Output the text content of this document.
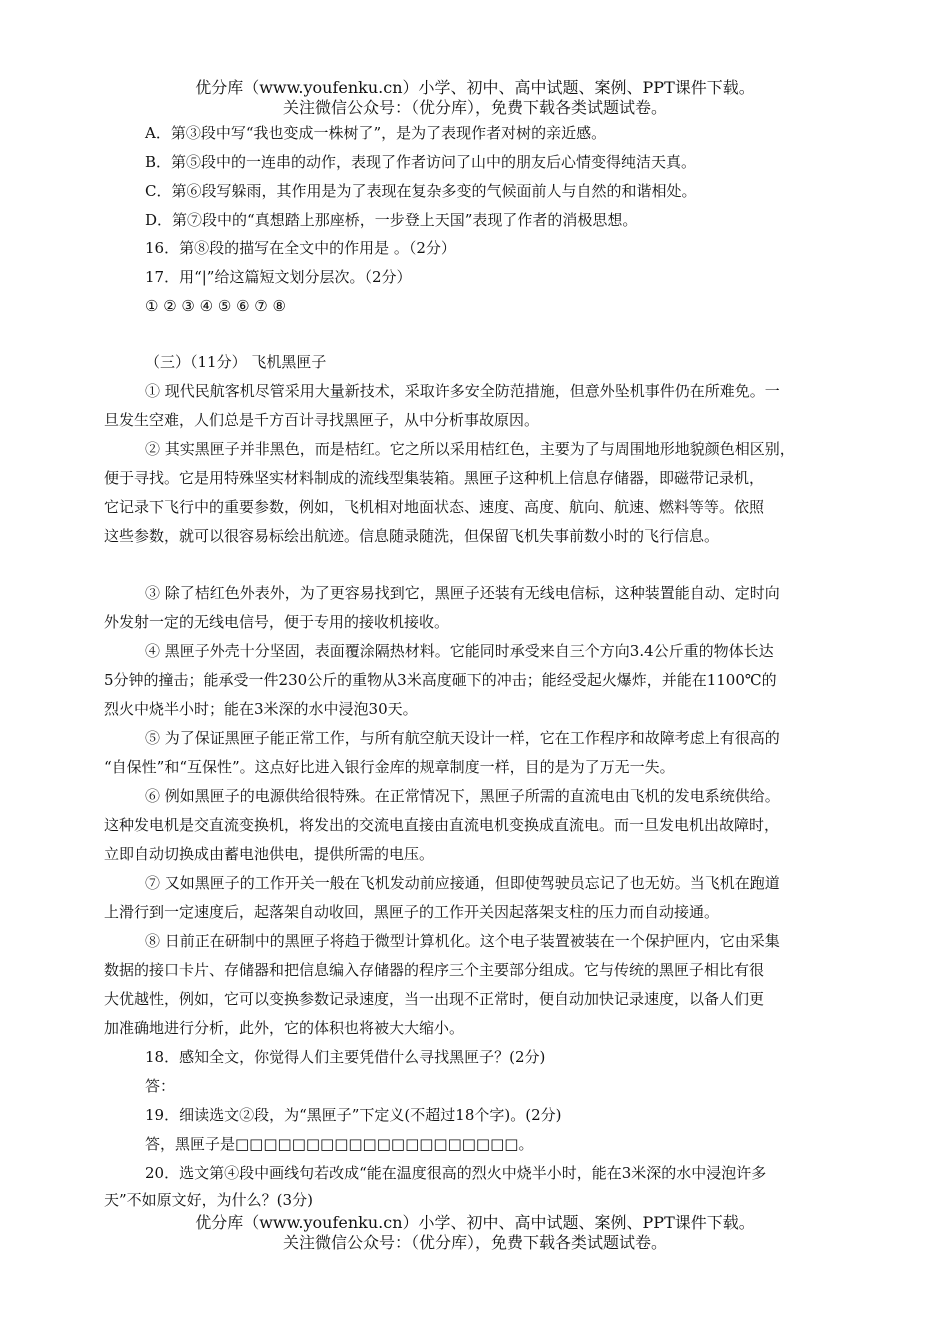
优分库（www.youfenku.cn）小学、初中、高中试题、案例、PPT课件下载。
关注微信公众号：（优分库），免费下载各类试题试卷。
A．第③段中写“我也变成一株树了”，是为了表现作者对树的亲近感。
B．第⑤段中的一连串的动作，表现了作者访问了山中的朋友后心情变得纯洁天真。
C．第⑥段写躲雨，其作用是为了表现在复杂多变的气候面前人与自然的和谐相处。
D．第⑦段中的“真想踏上那座桥，一步登上天国”表现了作者的消极思想。
16．第⑧段的描写在全文中的作用是 。（2分）
17．用“|”给这篇短文划分层次。（2分）
① ② ③ ④ ⑤ ⑥ ⑦ ⑧
（三）（11分） 飞机黑匣子
① 现代民航客机尽管采用大量新技术，采取许多安全防范措施，但意外坠机事件仍在所难免。一
旦发生空难，人们总是千方百计寻找黑匣子，从中分析事故原因。
② 其实黑匣子并非黑色，而是桔红。它之所以采用桔红色，主要为了与周围地形地貌颜色相区别，
便于寻找。它是用特殊坚实材料制成的流线型集装箱。黑匣子这种机上信息存储器，即磁带记录机，
它记录下飞行中的重要参数，例如，飞机相对地面状态、速度、高度、航向、航速、燃料等等。依照
这些参数，就可以很容易标绘出航迹。信息随录随洗，但保留飞机失事前数小时的飞行信息。
③ 除了桔红色外表外，为了更容易找到它，黑匣子还装有无线电信标，这种装置能自动、定时向
外发射一定的无线电信号，便于专用的接收机接收。
④ 黑匣子外壳十分坚固，表面覆涂隔热材料。它能同时承受来自三个方向3.4公斤重的物体长达
5分钟的撞击；能承受一件230公斤的重物从3米高度砸下的冲击；能经受起火爆炸，并能在1100℃的
烈火中烧半小时；能在3米深的水中浸泡30天。
⑤ 为了保证黑匣子能正常工作，与所有航空航天设计一样，它在工作程序和故障考虑上有很高的
“自保性”和“互保性”。这点好比进入银行金库的规章制度一样，目的是为了万无一失。
⑥ 例如黑匣子的电源供给很特殊。在正常情况下，黑匣子所需的直流电由飞机的发电系统供给。
这种发电机是交直流变换机，将发出的交流电直接由直流电机变换成直流电。而一旦发电机出故障时，
立即自动切换成由蓄电池供电，提供所需的电压。
⑦ 又如黑匣子的工作开关一般在飞机发动前应接通，但即使驾驶员忘记了也无妨。当飞机在跑道
上滑行到一定速度后，起落架自动收回，黑匣子的工作开关因起落架支柱的压力而自动接通。
⑧ 日前正在研制中的黑匣子将趋于微型计算机化。这个电子装置被装在一个保护匣内，它由采集
数据的接口卡片、存储器和把信息编入存储器的程序三个主要部分组成。它与传统的黑匣子相比有很
大优越性，例如，它可以变换参数记录速度，当一出现不正常时，便自动加快记录速度，以备人们更
加准确地进行分析，此外，它的体积也将被大大缩小。
18．感知全文，你觉得人们主要凭借什么寻找黑匣子？(2分)
答：
19．细读选文②段，为“黑匣子”下定义(不超过18个字)。(2分)
答，黑匣子是□□□□□□□□□□□□□□□□□□□□。
20．选文第④段中画线句若改成“能在温度很高的烈火中烧半小时，能在3米深的水中浸泡许多
天”不如原文好，为什么？(3分)
优分库（www.youfenku.cn）小学、初中、高中试题、案例、PPT课件下载。
关注微信公众号：（优分库），免费下载各类试题试卷。
